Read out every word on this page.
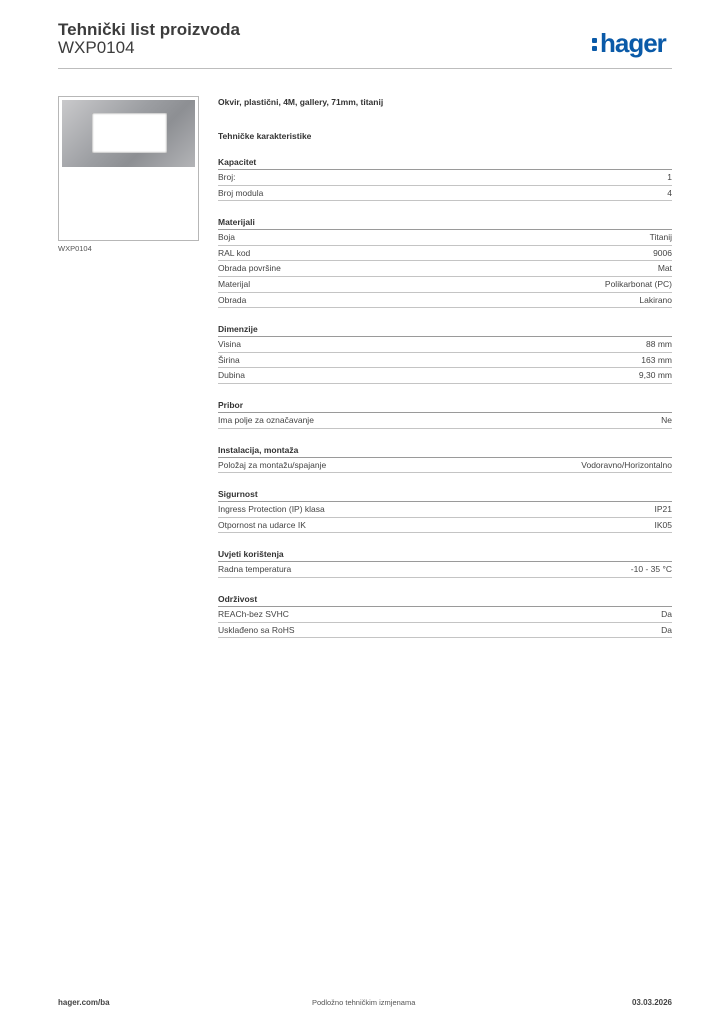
Tehnički list proizvoda
WXP0104	hager
WXP0104
Okvir, plastični, 4M, gallery, 71mm, titanij
Tehničke karakteristike
Kapacitet
Broj:	1
Broj modula	4
Materijali
Boja	Titanij
RAL kod	9006
Obrada površine	Mat
Materijal	Polikarbonat (PC)
Obrada	Lakirano
Dimenzije
Visina	88 mm
Širina	163 mm
Dubina	9,30 mm
Pribor
Ima polje za označavanje	Ne
Instalacija, montaža
Položaj za montažu/spajanje	Vodoravno/Horizontalno
Sigurnost
Ingress Protection (IP) klasa	IP21
Otpornost na udarce IK	IK05
Uvjeti korištenja
Radna temperatura	-10 - 35 °C
Održivost
REACh-bez SVHC	Da
Usklađeno sa RoHS	Da
hager.com/ba	Podložno tehničkim izmjenama	03.03.2026
